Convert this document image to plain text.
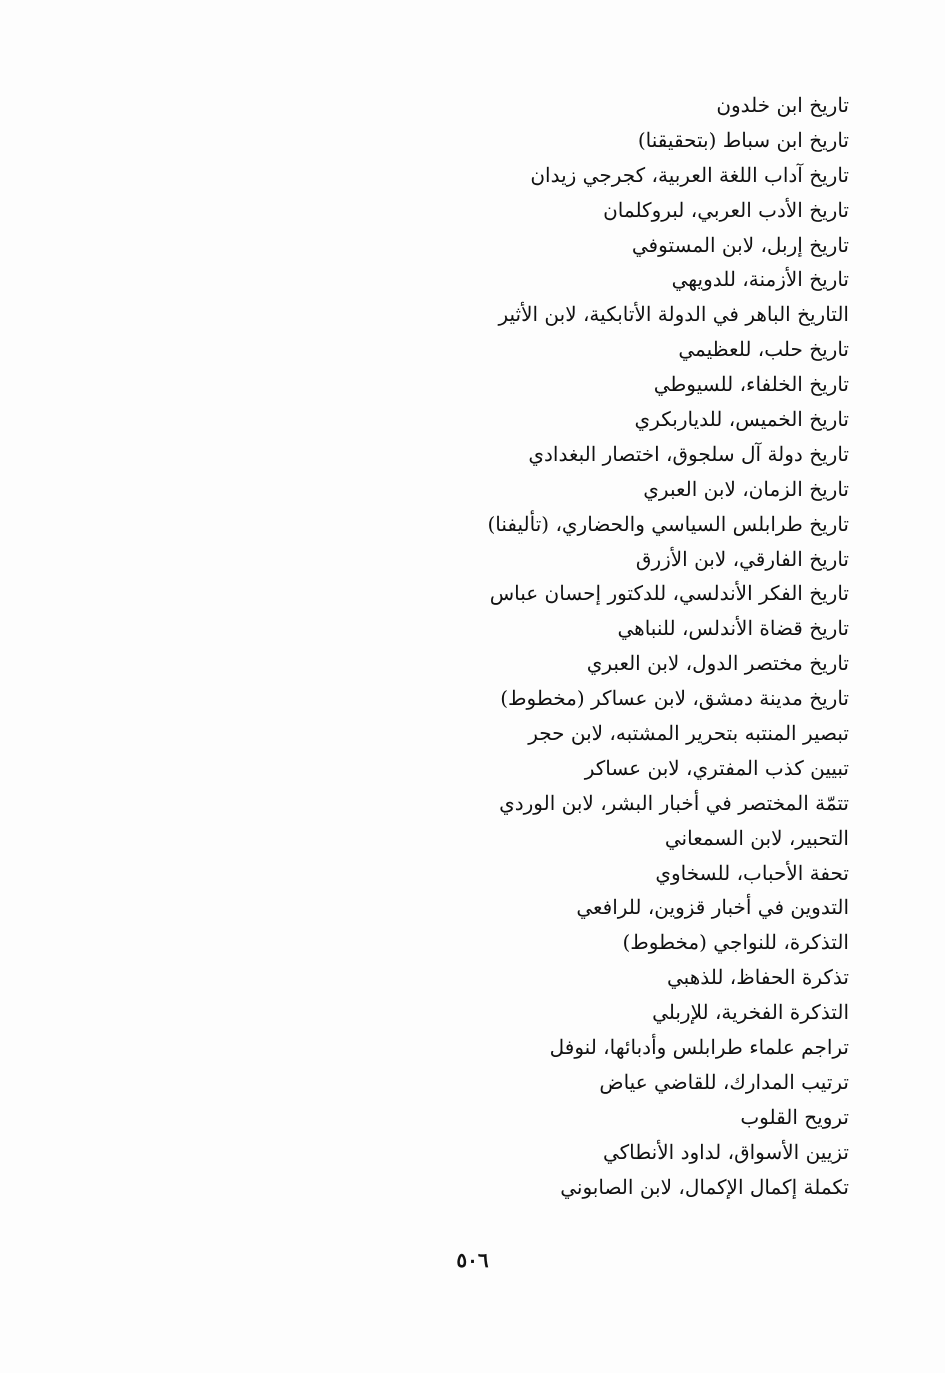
تاريخ ابن خلدون
تاريخ ابن سباط (بتحقيقنا)
تاريخ آداب اللغة العربية، كجرجي زيدان
تاريخ الأدب العربي، لبروكلمان
تاريخ إربل، لابن المستوفي
تاريخ الأزمنة، للدويهي
التاريخ الباهر في الدولة الأتابكية، لابن الأثير
تاريخ حلب، للعظيمي
تاريخ الخلفاء، للسيوطي
تاريخ الخميس، للدياربكري
تاريخ دولة آل سلجوق، اختصار البغدادي
تاريخ الزمان، لابن العبري
تاريخ طرابلس السياسي والحضاري، (تأليفنا)
تاريخ الفارقي، لابن الأزرق
تاريخ الفكر الأندلسي، للدكتور إحسان عباس
تاريخ قضاة الأندلس، للنباهي
تاريخ مختصر الدول، لابن العبري
تاريخ مدينة دمشق، لابن عساكر (مخطوط)
تبصير المنتبه بتحرير المشتبه، لابن حجر
تبيين كذب المفتري، لابن عساكر
تتمّة المختصر في أخبار البشر، لابن الوردي
التحبير، لابن السمعاني
تحفة الأحباب، للسخاوي
التدوين في أخبار قزوين، للرافعي
التذكرة، للنواجي (مخطوط)
تذكرة الحفاظ، للذهبي
التذكرة الفخرية، للإربلي
تراجم علماء طرابلس وأدبائها، لنوفل
ترتيب المدارك، للقاضي عياض
ترويح القلوب
تزيين الأسواق، لداود الأنطاكي
تكملة إكمال الإكمال، لابن الصابوني
٥٠٦
